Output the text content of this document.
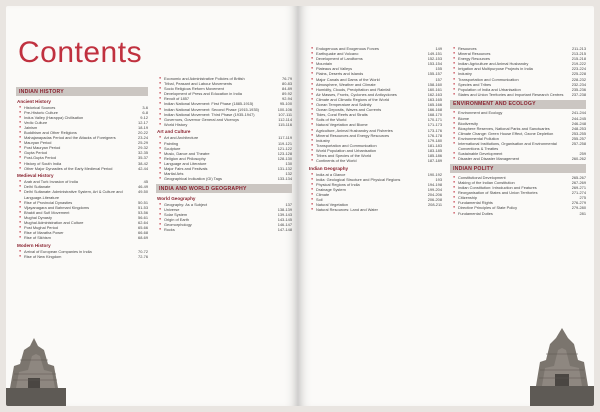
Contents
INDIAN HISTORY
Ancient History
● Historical Sources	3-6
● Pre-Historic Culture	6-8
● Indus Valley (Harappa) Civilisation	9-12
● Vedic Culture	12-17
● Jainism	18-19
● Buddhism and Other Religions	20-22
● Mahajanapadas Period and the Attacks of Foreigners	23-24
● Mauryan Period	25-29
● Post Mauryan Period	29-32
● Gupta Period	32-35
● Post-Gupta Period	35-37
● History of South India	38-42
● Other Major Dynasties of the Early Medieval Period	42-44
Medieval History
● Arab and Turk Invasion of India	45
● Delhi Sultanate	46-49
● Delhi Sultanate: Administrative System, Art & Culture and Language-Literature
49-50
● Rise of Provincial Dynasties	50-51
● Vijayanagara and Bahmani Kingdoms	51-53
● Bhakti and Sufi Movement	53-56
● Mughal Dynasty	56-61
● Mughal Administration and Culture	62-64
● Post Mughal Period	65-66
● Rise of Maratha Power	66-68
● Rise of Sikhism	68-69
Modern History
● Arrival of European Companies in India	70-72
● Rise of New Kingdom	72-76
● Economic and Administrative Policies of British	76-79
● Tribal, Peasant and Labour Movements	80-83
● Socio Religious Reform Movement	84-89
● Development of Press and Education in India	89-92
● Revolt of 1857	92-94
● Indian National Movement: First Phase (1885-1915)	95-100
● Indian National Movement: Second Phase (1915-1935)	100-106
● Indian National Movement: Third Phase (1935-1947)	107-111
● Governors, Governor General and Viceroys	112-114
● World History	115-116
Art and Culture
● Art and Architecture	117-119
● Painting	119-121
● Sculpture	121-122
● Music, Dance and Theatre	123-128
● Religion and Philosophy	128-130
● Language and Literature	130
● Major Fairs and Festivals	131-132
● Martial Arts	132
● Geographical Indication (GI) Tags	133-134
INDIA AND WORLD GEOGRAPHY
World Geography
● Geography: As a Subject	137
● Universe	138-139
● Solar System	139-143
● Origin of Earth	143-145
● Geomorphology	146-147
● Rocks	147-148
● Endogenous and Exogenous Forces	149
● Earthquake and Volcano	149-151
● Development of Landforms	152-153
● Mountain	153-154
● Plateaus and Valleys	155
● Plains, Deserts and Islands	155-157
● Major Canals and Dams of the World	157
● Atmosphere, Weather and Climate	158-160
● Humidity, Clouds, Precipitation and Rainfall	160-161
● Air Masses, Fronts, Cyclones and Anticyclones	162-163
● Climate and Climatic Regions of the World	163-165
● Ocean Temperature and Salinity	165-166
● Ocean Deposits, Waves and Currents	166-168
● Tides, Coral Reefs and Straits	168-170
● Soils of the World	170-171
● Natural Vegetation and Biome	171-173
● Agriculture, Animal Husbandry and Fisheries	173-176
● Mineral Resources and Energy Resources	176-178
● Industry	179-180
● Transportation and Communication	181-183
● World Population and Urbanisation	183-185
● Tribes and Species of the World	185-186
● Continents of the World	187-189
Indian Geography
● India at a Glance	190-192
● India: Geological Structure and Physical Regions	193
● Physical Regions of India	194-198
● Drainage System	199-204
● Climate	204-206
● Soil	206-208
● Natural Vegetation	208-211
● Natural Resources: Land and Water
● Resources	211-213
● Mineral Resources	213-215
● Energy Resources	215-218
● Indian Agriculture and Animal Husbandry	219-222
● Irrigation and Multipurpose Projects in India	223-224
● Industry	225-228
● Transportation and Communication	228-232
● Species and Tribes	232-234
● Population of India and Urbanisation	235-236
● States and Union Territories and Important Research Centres	237-238
ENVIRONMENT AND ECOLOGY
● Environment and Ecology	241-244
● Biome	244-245
● Biodiversity	246-248
● Biosphere Reserves, National Parks and Sanctuaries	248-253
● Climate Change: Green House Effect, Ozone Depletion	253-255
● Environmental Pollution	255-257
● International Institutions, Organisation and Environmental Conventions & Treaties
257-258
● Sustainable Development	259
● Disaster and Disaster Management	260-262
INDIAN POLITY
● Constitutional Development	265-267
● Making of the Indian Constitution	267-269
● Indian Constitution: Introduction and Features	269-271
● Reorganisation of States and Union Territories	271-274
● Citizenship	275
● Fundamental Rights	276-279
● Directive Principles of State Policy	279-280
● Fundamental Duties	281
